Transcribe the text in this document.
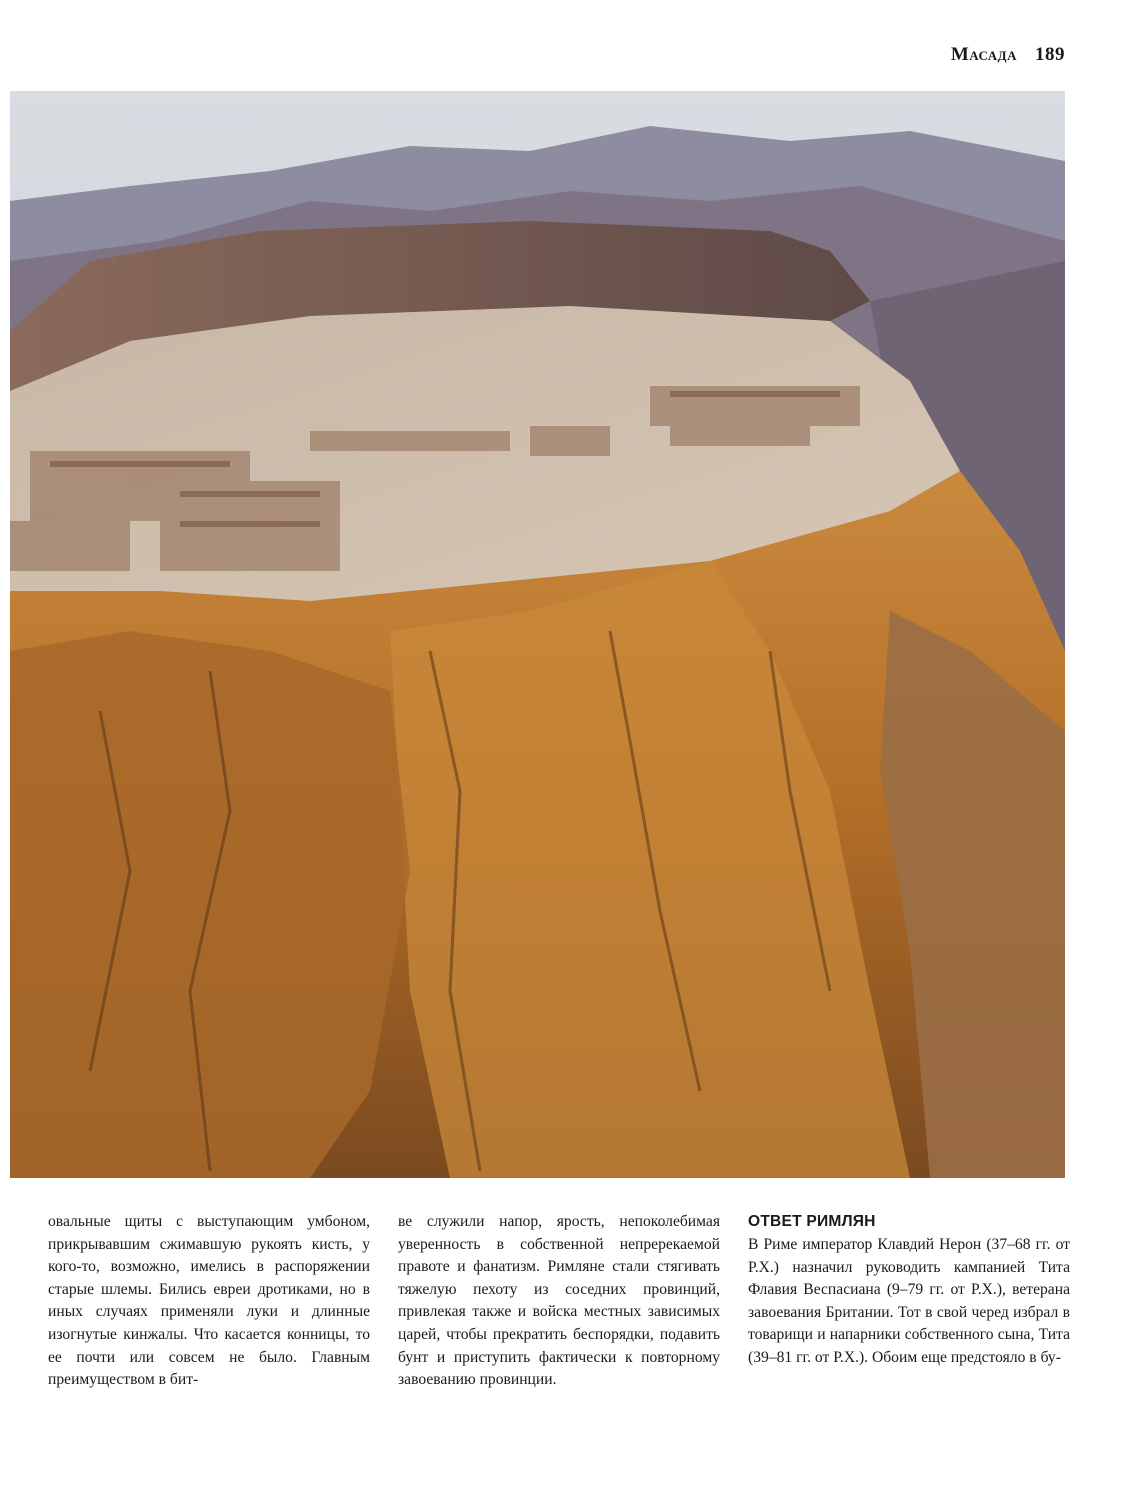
Масада 189

овальные щиты с выступающим умбоном, прикрывавшим сжимавшую рукоять кисть, у кого-то, возможно, имелись в распоряжении старые шлемы. Бились евреи дротиками, но в иных случаях применяли луки и длинные изогнутые кинжалы. Что касается конницы, то ее почти или совсем не было. Главным преимуществом в бит-

ве служили напор, ярость, непоколебимая уверенность в собственной непререкаемой правоте и фанатизм. Римляне стали стягивать тяжелую пехоту из соседних провинций, привлекая также и войска местных зависимых царей, чтобы прекратить беспорядки, подавить бунт и приступить фактически к повторному завоеванию провинции.

ОТВЕТ РИМЛЯН

В Риме император Клавдий Нерон (37–68 гг. от Р.Х.) назначил руководить кампанией Тита Флавия Веспасиана (9–79 гг. от Р.Х.), ветерана завоевания Британии. Тот в свой черед избрал в товарищи и напарники собственного сына, Тита (39–81 гг. от Р.Х.). Обоим еще предстояло в бу-
